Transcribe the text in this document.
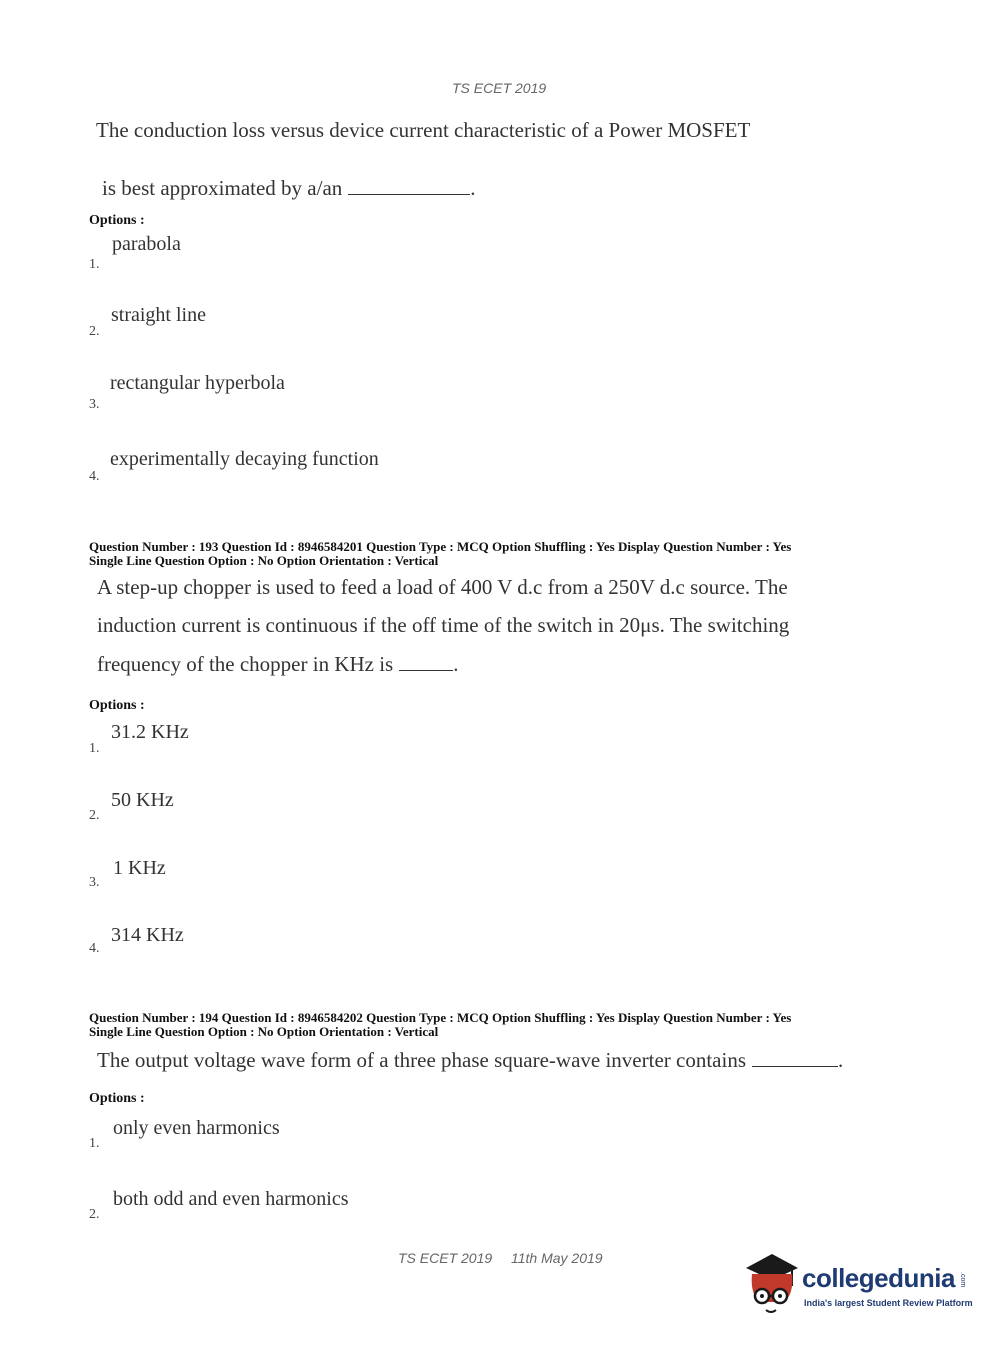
TS ECET 2019
The conduction loss versus device current characteristic of a Power MOSFET
is best approximated by a/an	.
Options :
parabola
1.
straight line
2.
rectangular hyperbola
3.
experimentally decaying function
4.
Question Number : 193 Question Id : 8946584201 Question Type : MCQ Option Shuffling : Yes Display Question Number : Yes
Single Line Question Option : No Option Orientation : Vertical
A step-up chopper is used to feed a load of 400 V d.c from a 250V d.c source. The
induction current is continuous if the off time of the switch in 20μs. The switching
frequency of the chopper in KHz is	.
Options :
31.2 KHz
1.
50 KHz
2.
1 KHz
3.
314 KHz
4.
Question Number : 194 Question Id : 8946584202 Question Type : MCQ Option Shuffling : Yes Display Question Number : Yes
Single Line Question Option : No Option Orientation : Vertical
The output voltage wave form of a three phase square-wave inverter contains	.
Options :
only even harmonics
1.
both odd and even harmonics
2.
TS ECET 2019 11th May 2019
collegedunia .com
India's largest Student Review Platform
